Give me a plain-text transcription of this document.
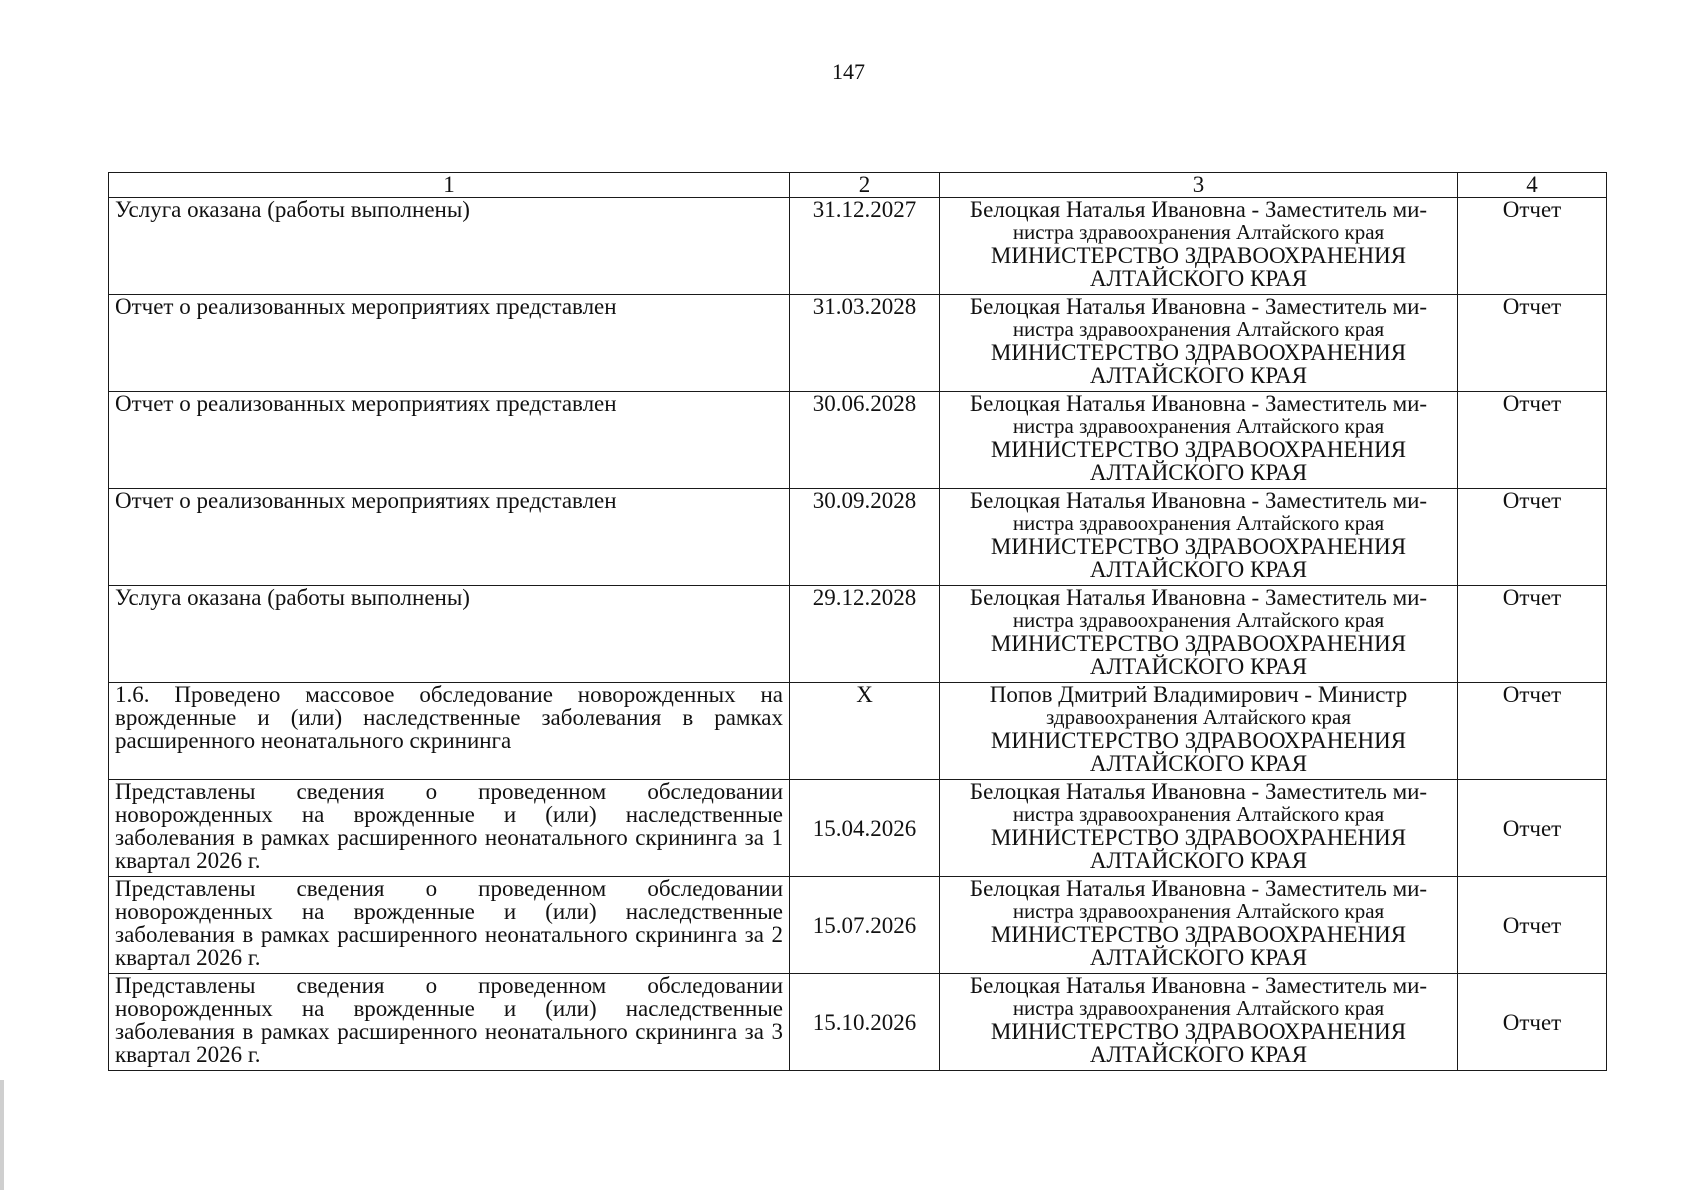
147
1	2	3	4
Услуга оказана (работы выполнены)	31.12.2027	Белоцкая Наталья Ивановна - Заместитель ми-
нистра здравоохранения Алтайского края
МИНИСТЕРСТВО ЗДРАВООХРАНЕНИЯ
АЛТАЙСКОГО КРАЯ	Отчет
Отчет о реализованных мероприятиях представлен	31.03.2028	Белоцкая Наталья Ивановна - Заместитель ми-
нистра здравоохранения Алтайского края
МИНИСТЕРСТВО ЗДРАВООХРАНЕНИЯ
АЛТАЙСКОГО КРАЯ	Отчет
Отчет о реализованных мероприятиях представлен	30.06.2028	Белоцкая Наталья Ивановна - Заместитель ми-
нистра здравоохранения Алтайского края
МИНИСТЕРСТВО ЗДРАВООХРАНЕНИЯ
АЛТАЙСКОГО КРАЯ	Отчет
Отчет о реализованных мероприятиях представлен	30.09.2028	Белоцкая Наталья Ивановна - Заместитель ми-
нистра здравоохранения Алтайского края
МИНИСТЕРСТВО ЗДРАВООХРАНЕНИЯ
АЛТАЙСКОГО КРАЯ	Отчет
Услуга оказана (работы выполнены)	29.12.2028	Белоцкая Наталья Ивановна - Заместитель ми-
нистра здравоохранения Алтайского края
МИНИСТЕРСТВО ЗДРАВООХРАНЕНИЯ
АЛТАЙСКОГО КРАЯ	Отчет
1.6. Проведено массовое обследование новорожденных на врожденные и (или) наследственные заболевания в рамках расширенного неонатального скрининга	X	Попов Дмитрий Владимирович - Министр
здравоохранения Алтайского края
МИНИСТЕРСТВО ЗДРАВООХРАНЕНИЯ
АЛТАЙСКОГО КРАЯ	Отчет
Представлены сведения о проведенном обследовании новорожденных на врожденные и (или) наследственные заболевания в рамках расширенного неонатального скрининга за 1 квартал 2026 г.	15.04.2026	Белоцкая Наталья Ивановна - Заместитель ми-
нистра здравоохранения Алтайского края
МИНИСТЕРСТВО ЗДРАВООХРАНЕНИЯ
АЛТАЙСКОГО КРАЯ	Отчет
Представлены сведения о проведенном обследовании новорожденных на врожденные и (или) наследственные заболевания в рамках расширенного неонатального скрининга за 2 квартал 2026 г.	15.07.2026	Белоцкая Наталья Ивановна - Заместитель ми-
нистра здравоохранения Алтайского края
МИНИСТЕРСТВО ЗДРАВООХРАНЕНИЯ
АЛТАЙСКОГО КРАЯ	Отчет
Представлены сведения о проведенном обследовании новорожденных на врожденные и (или) наследственные заболевания в рамках расширенного неонатального скрининга за 3 квартал 2026 г.	15.10.2026	Белоцкая Наталья Ивановна - Заместитель ми-
нистра здравоохранения Алтайского края
МИНИСТЕРСТВО ЗДРАВООХРАНЕНИЯ
АЛТАЙСКОГО КРАЯ	Отчет
